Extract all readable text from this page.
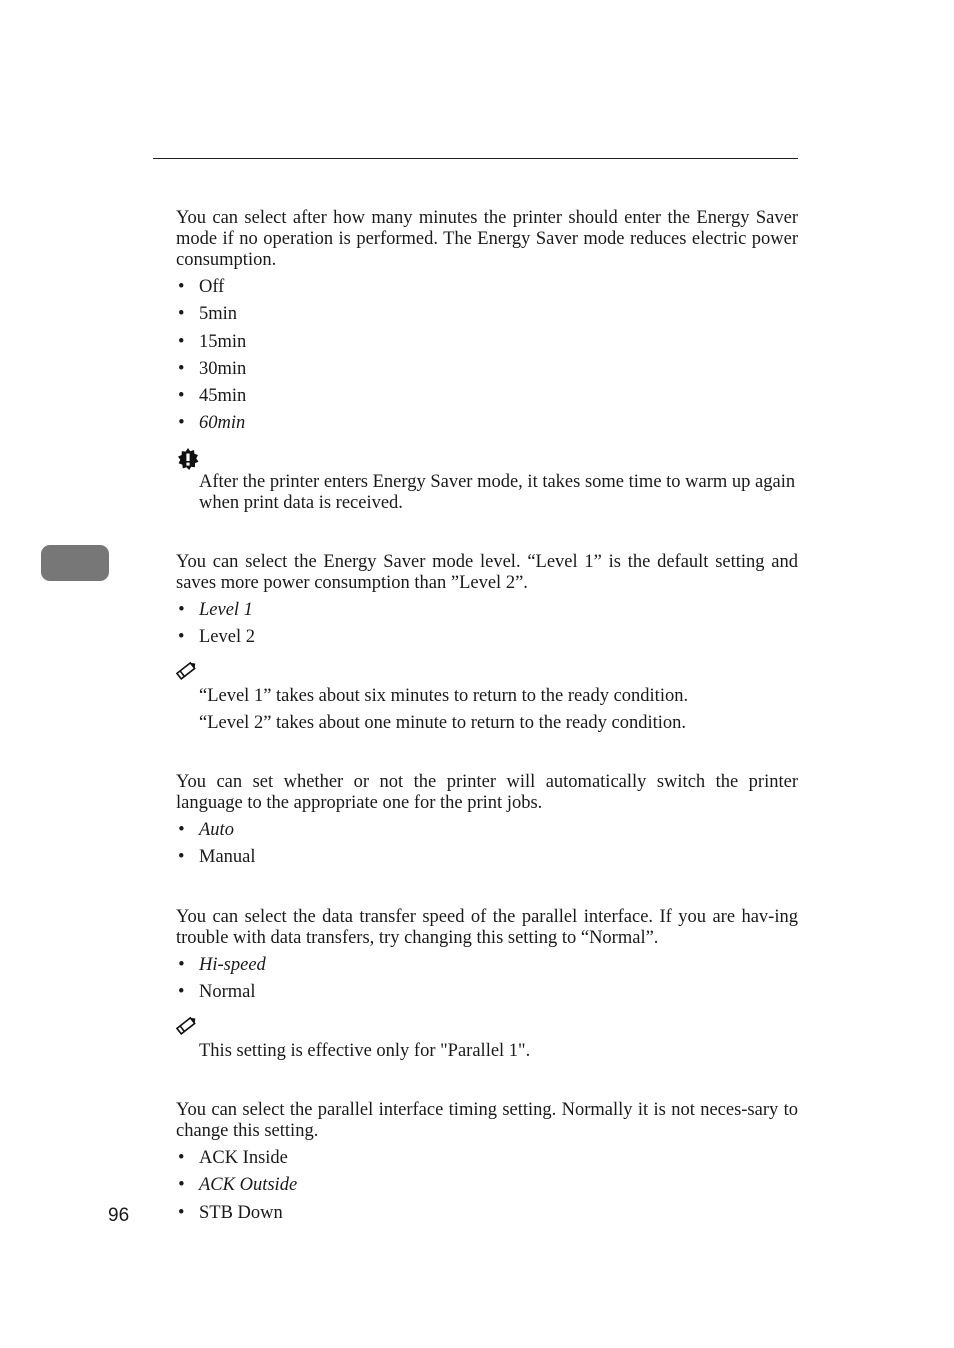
You can select after how many minutes the printer should enter the Energy Saver mode if no operation is performed. The Energy Saver mode reduces electric power consumption.

• Off
• 5min
• 15min
• 30min
• 45min
• 60min

After the printer enters Energy Saver mode, it takes some time to warm up again when print data is received.

You can select the Energy Saver mode level. “Level 1” is the default setting and saves more power consumption than ”Level 2”.

• Level 1
• Level 2

“Level 1” takes about six minutes to return to the ready condition.

“Level 2” takes about one minute to return to the ready condition.

You can set whether or not the printer will automatically switch the printer language to the appropriate one for the print jobs.

• Auto
• Manual

You can select the data transfer speed of the parallel interface. If you are hav-ing trouble with data transfers, try changing this setting to “Normal”.

• Hi-speed
• Normal

This setting is effective only for "Parallel 1".

You can select the parallel interface timing setting. Normally it is not neces-sary to change this setting.

• ACK Inside
• ACK Outside
• STB Down
96
